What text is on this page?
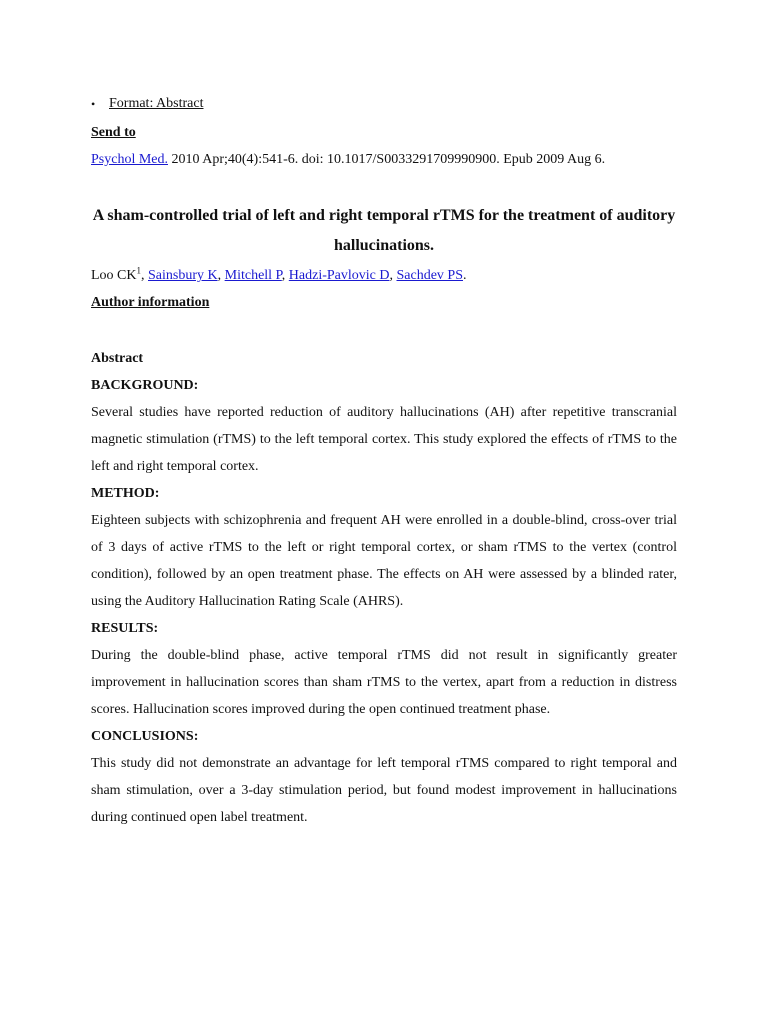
• Format: Abstract
Send to
Psychol Med. 2010 Apr;40(4):541-6. doi: 10.1017/S0033291709990900. Epub 2009 Aug 6.
A sham-controlled trial of left and right temporal rTMS for the treatment of auditory hallucinations.
Loo $CK^1$, Sainsbury K, Mitchell P, Hadzi-Pavlovic D, Sachdev PS.
Author information

Abstract

BACKGROUND:

Several studies have reported reduction of auditory hallucinations (AH) after repetitive transcranial magnetic stimulation (rTMS) to the left temporal cortex. This study explored the effects of rTMS to the left and right temporal cortex.

METHOD:

Eighteen subjects with schizophrenia and frequent AH were enrolled in a double-blind, cross-over trial of 3 days of active rTMS to the left or right temporal cortex, or sham rTMS to the vertex (control condition), followed by an open treatment phase. The effects on AH were assessed by a blinded rater, using the Auditory Hallucination Rating Scale (AHRS).

RESULTS:

During the double-blind phase, active temporal rTMS did not result in significantly greater improvement in hallucination scores than sham rTMS to the vertex, apart from a reduction in distress scores. Hallucination scores improved during the open continued treatment phase.

CONCLUSIONS:

This study did not demonstrate an advantage for left temporal rTMS compared to right temporal and sham stimulation, over a 3-day stimulation period, but found modest improvement in hallucinations during continued open label treatment.
